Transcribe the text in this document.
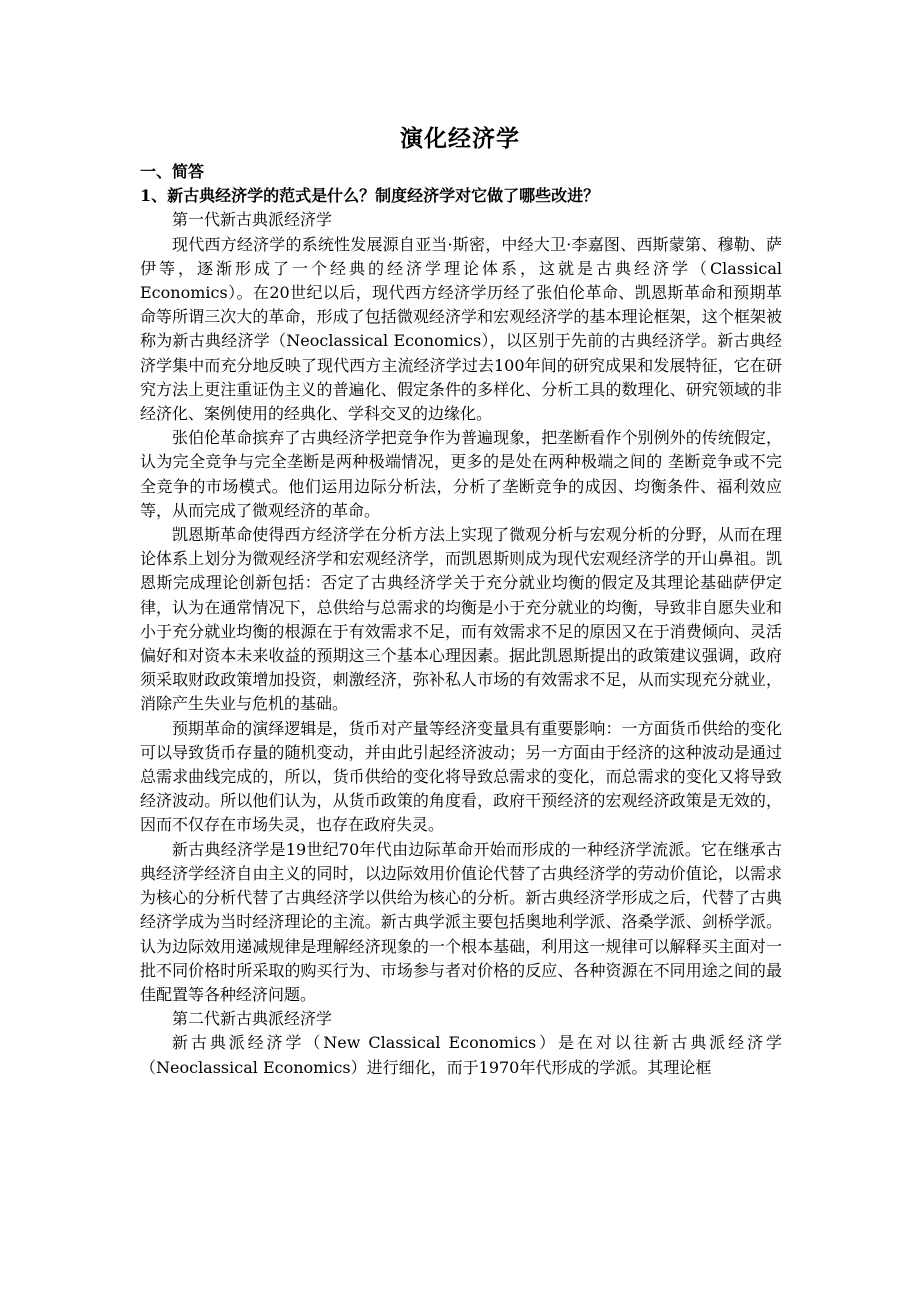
演化经济学

一、简答

1、新古典经济学的范式是什么？制度经济学对它做了哪些改进？

第一代新古典派经济学

现代西方经济学的系统性发展源自亚当·斯密，中经大卫·李嘉图、西斯蒙第、穆勒、萨伊等，逐渐形成了一个经典的经济学理论体系，这就是古典经济学（Classical Economics）。在20世纪以后，现代西方经济学历经了张伯伦革命、凯恩斯革命和预期革命等所谓三次大的革命，形成了包括微观经济学和宏观经济学的基本理论框架，这个框架被称为新古典经济学（Neoclassical Economics），以区别于先前的古典经济学。新古典经济学集中而充分地反映了现代西方主流经济学过去100年间的研究成果和发展特征，它在研究方法上更注重证伪主义的普遍化、假定条件的多样化、分析工具的数理化、研究领域的非经济化、案例使用的经典化、学科交叉的边缘化。

张伯伦革命摈弃了古典经济学把竞争作为普遍现象，把垄断看作个别例外的传统假定，认为完全竞争与完全垄断是两种极端情况，更多的是处在两种极端之间的 垄断竞争或不完全竞争的市场模式。他们运用边际分析法，分析了垄断竞争的成因、均衡条件、福利效应等，从而完成了微观经济的革命。

凯恩斯革命使得西方经济学在分析方法上实现了微观分析与宏观分析的分野，从而在理论体系上划分为微观经济学和宏观经济学，而凯恩斯则成为现代宏观经济学的开山鼻祖。凯恩斯完成理论创新包括：否定了古典经济学关于充分就业均衡的假定及其理论基础萨伊定律，认为在通常情况下，总供给与总需求的均衡是小于充分就业的均衡，导致非自愿失业和小于充分就业均衡的根源在于有效需求不足，而有效需求不足的原因又在于消费倾向、灵活偏好和对资本未来收益的预期这三个基本心理因素。据此凯恩斯提出的政策建议强调，政府须采取财政政策增加投资，刺激经济，弥补私人市场的有效需求不足，从而实现充分就业，消除产生失业与危机的基础。

预期革命的演绎逻辑是，货币对产量等经济变量具有重要影响：一方面货币供给的变化可以导致货币存量的随机变动，并由此引起经济波动；另一方面由于经济的这种波动是通过总需求曲线完成的，所以，货币供给的变化将导致总需求的变化，而总需求的变化又将导致经济波动。所以他们认为，从货币政策的角度看，政府干预经济的宏观经济政策是无效的，因而不仅存在市场失灵，也存在政府失灵。

新古典经济学是19世纪70年代由边际革命开始而形成的一种经济学流派。它在继承古典经济学经济自由主义的同时，以边际效用价值论代替了古典经济学的劳动价值论，以需求为核心的分析代替了古典经济学以供给为核心的分析。新古典经济学形成之后，代替了古典经济学成为当时经济理论的主流。新古典学派主要包括奥地利学派、洛桑学派、剑桥学派。认为边际效用递减规律是理解经济现象的一个根本基础，利用这一规律可以解释买主面对一批不同价格时所采取的购买行为、市场参与者对价格的反应、各种资源在不同用途之间的最佳配置等各种经济问题。

第二代新古典派经济学

新古典派经济学（New Classical Economics）是在对以往新古典派经济学（Neoclassical Economics）进行细化，而于1970年代形成的学派。其理论框
